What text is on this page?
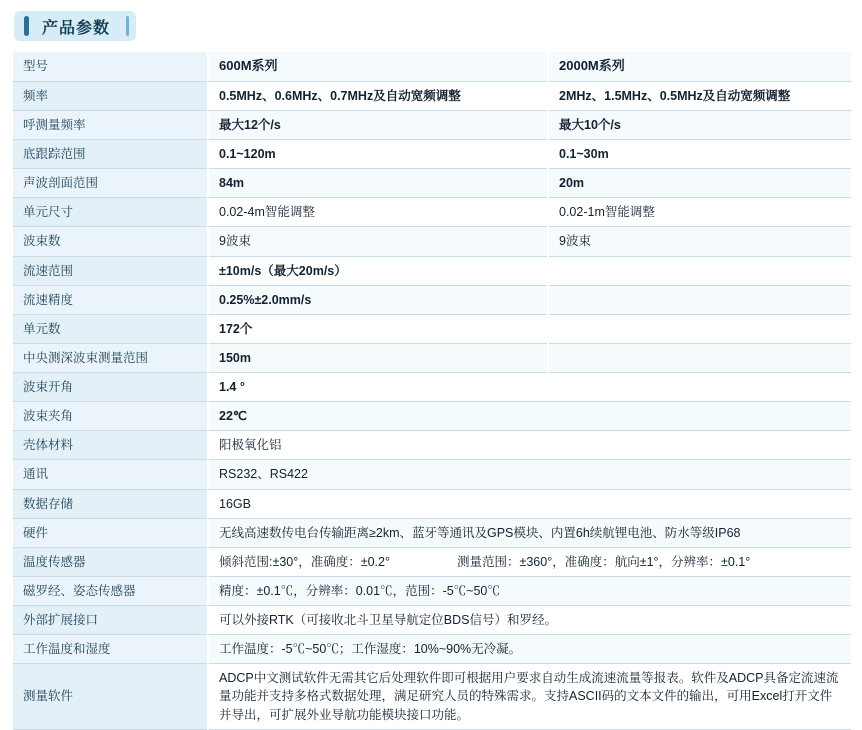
产品参数
型号	600M系列	2000M系列
频率	0.5MHz、0.6MHz、0.7MHz及自动宽频调整	2MHz、1.5MHz、0.5MHz及自动宽频调整
呼测量频率	最大12个/s	最大10个/s
底跟踪范围	0.1~120m	0.1~30m
声波剖面范围	84m	20m
单元尺寸	0.02-4m智能调整	0.02-1m智能调整
波束数	9波束	9波束
流速范围	±10m/s（最大20m/s）	
流速精度	0.25%±2.0mm/s	
单元数	172个	
中央测深波束测量范围	150m	
波束开角	1.4 °	
波束夹角	22℃	
壳体材料	阳极氧化铝	
通讯	RS232、RS422	
数据存储	16GB	
硬件	无线高速数传电台传输距离≥2km、蓝牙等通讯及GPS模块、内置6h续航锂电池、防水等级IP68	
温度传感器	倾斜范围:±30°，准确度：±0.2° 测量范围：±360°，准确度：航向±1°，分辨率：±0.1°	

磁罗经、姿态传感器	精度：±0.1℃，分辨率：0.01℃，范围：-5℃~50℃	
外部扩展接口	可以外接RTK（可接收北斗卫星导航定位BDS信号）和罗经。	
工作温度和湿度	工作温度：-5℃~50℃；工作湿度：10%~90%无冷凝。	
测量软件	ADCP中文测试软件无需其它后处理软件即可根据用户要求自动生成流速流量等报表。软件及ADCP具备定流速流量功能并支持多格式数据处理，满足研究人员的特殊需求。支持ASCII码的文本文件的输出，可用Excel打开文件并导出，可扩展外业导航功能模块接口功能。	
